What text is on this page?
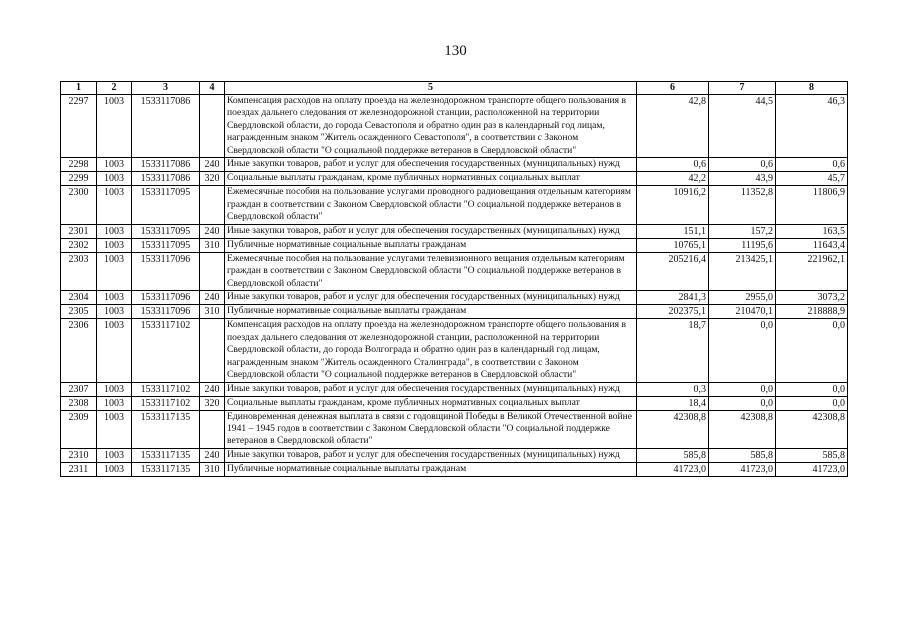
130
1	2	3	4	5	6	7	8
2297	1003	1533117086		Компенсация расходов на оплату проезда на железнодорожном транспорте общего пользования в поездах дальнего следования от железнодорожной станции, расположенной на территории Свердловской области, до города Севастополя и обратно один раз в календарный год лицам, награжденным знаком "Житель осажденного Севастополя", в соответствии с Законом Свердловской области "О социальной поддержке ветеранов в Свердловской области"	42,8	44,5	46,3
2298	1003	1533117086	240	Иные закупки товаров, работ и услуг для обеспечения государственных (муниципальных) нужд	0,6	0,6	0,6
2299	1003	1533117086	320	Социальные выплаты гражданам, кроме публичных нормативных социальных выплат	42,2	43,9	45,7
2300	1003	1533117095		Ежемесячные пособия на пользование услугами проводного радиовещания отдельным категориям граждан в соответствии с Законом Свердловской области "О социальной поддержке ветеранов в Свердловской области"	10916,2	11352,8	11806,9
2301	1003	1533117095	240	Иные закупки товаров, работ и услуг для обеспечения государственных (муниципальных) нужд	151,1	157,2	163,5
2302	1003	1533117095	310	Публичные нормативные социальные выплаты гражданам	10765,1	11195,6	11643,4
2303	1003	1533117096		Ежемесячные пособия на пользование услугами телевизионного вещания отдельным категориям граждан в соответствии с Законом Свердловской области "О социальной поддержке ветеранов в Свердловской области"	205216,4	213425,1	221962,1
2304	1003	1533117096	240	Иные закупки товаров, работ и услуг для обеспечения государственных (муниципальных) нужд	2841,3	2955,0	3073,2
2305	1003	1533117096	310	Публичные нормативные социальные выплаты гражданам	202375,1	210470,1	218888,9
2306	1003	1533117102		Компенсация расходов на оплату проезда на железнодорожном транспорте общего пользования в поездах дальнего следования от железнодорожной станции, расположенной на территории Свердловской области, до города Волгограда и обратно один раз в календарный год лицам, награжденным знаком "Житель осажденного Сталинграда", в соответствии с Законом Свердловской области "О социальной поддержке ветеранов в Свердловской области"	18,7	0,0	0,0
2307	1003	1533117102	240	Иные закупки товаров, работ и услуг для обеспечения государственных (муниципальных) нужд	0,3	0,0	0,0
2308	1003	1533117102	320	Социальные выплаты гражданам, кроме публичных нормативных социальных выплат	18,4	0,0	0,0
2309	1003	1533117135		Единовременная денежная выплата в связи с годовщиной Победы в Великой Отечественной войне 1941 – 1945 годов в соответствии с Законом Свердловской области "О социальной поддержке ветеранов в Свердловской области"	42308,8	42308,8	42308,8
2310	1003	1533117135	240	Иные закупки товаров, работ и услуг для обеспечения государственных (муниципальных) нужд	585,8	585,8	585,8
2311	1003	1533117135	310	Публичные нормативные социальные выплаты гражданам	41723,0	41723,0	41723,0
